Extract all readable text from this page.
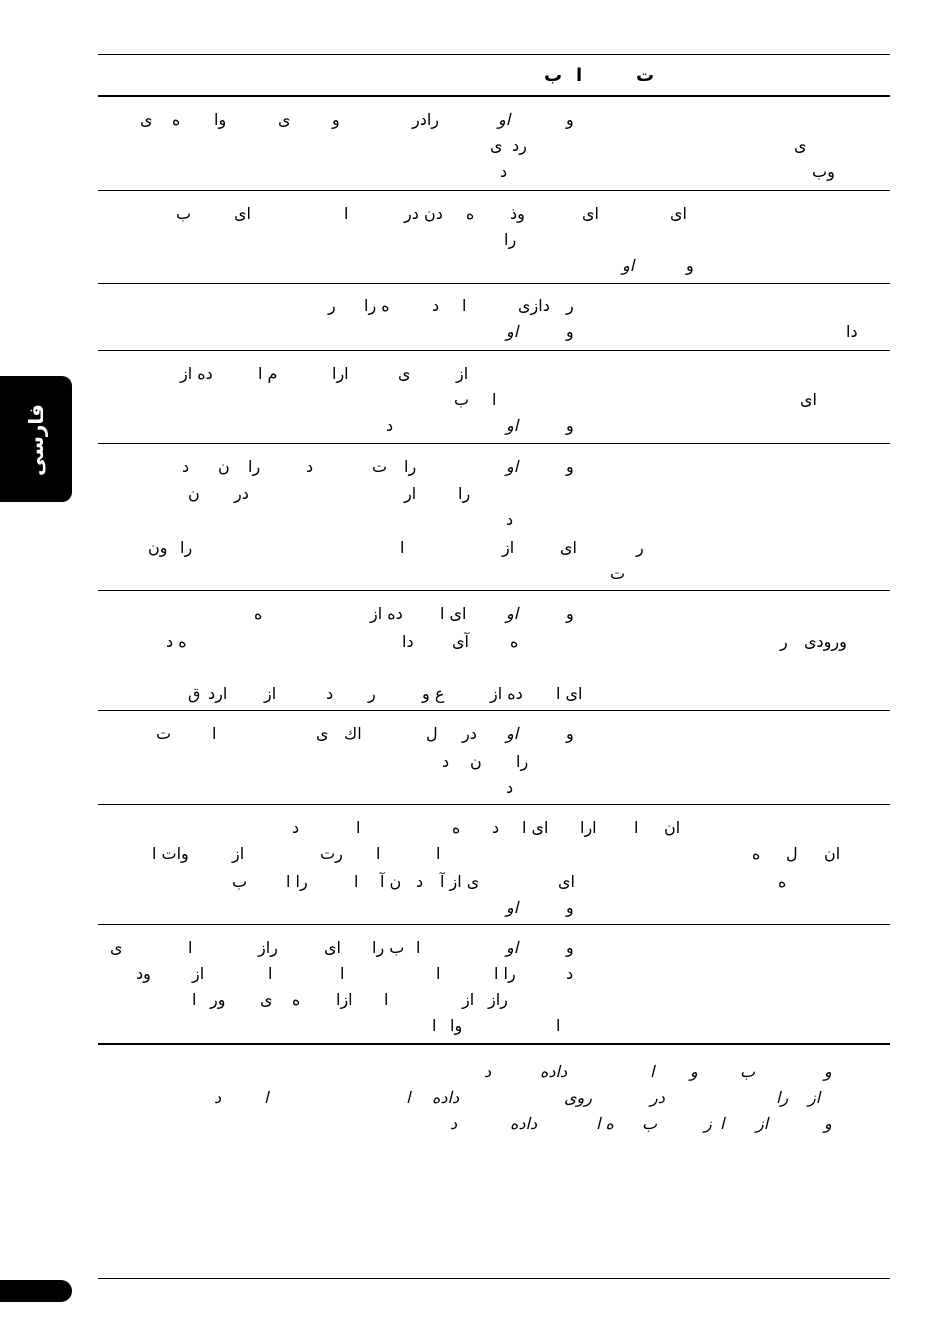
ت
ا
ب
و
او
رادر
و
ی
وا
ه
ی
ی
رد
ی
وب
د
ای
ای
وذ
ه
دن در
ا
ای
ب
را
و
او
ر
دازی
ا
د
ه را
ر
دا
و
او
از
ی
ارا
م ا
ده از
ای
ا
ب
و
او
د
و
او
را
ت
د
را
ن
د
را
ار
در
ن
د
ر
ای
از
ا
را
ون
ت
و
او
ای ا
ده از
ه
ورودی
ر
ه
آی
دا
ه د
ای ا
ده از
ع و
ر
د
از
ارد
ق
و
او
در
ل
اك
ی
ا
ت
را
ن
د
د
ان
ا
ارا
ای ا
د
ه
ا
د
ان
ل
ه
ا
ا
رت
از
وات ا
ه
ای
ی از آ
د
ن آ
ا
را ا
ب
و
او
و
او
ا
ب را
ای
راز
ا
ی
د
را ا
ا
ا
ا
از
ود
راز
از
ا
ازا
ه
ی
ور
ا
ا
وا
ا
و
ب
و
ا
داده
د
از
را
در
روی
داده
ا
ا
د
و
از
ا
ز
ب
ه ا
داده
د
فارسی
